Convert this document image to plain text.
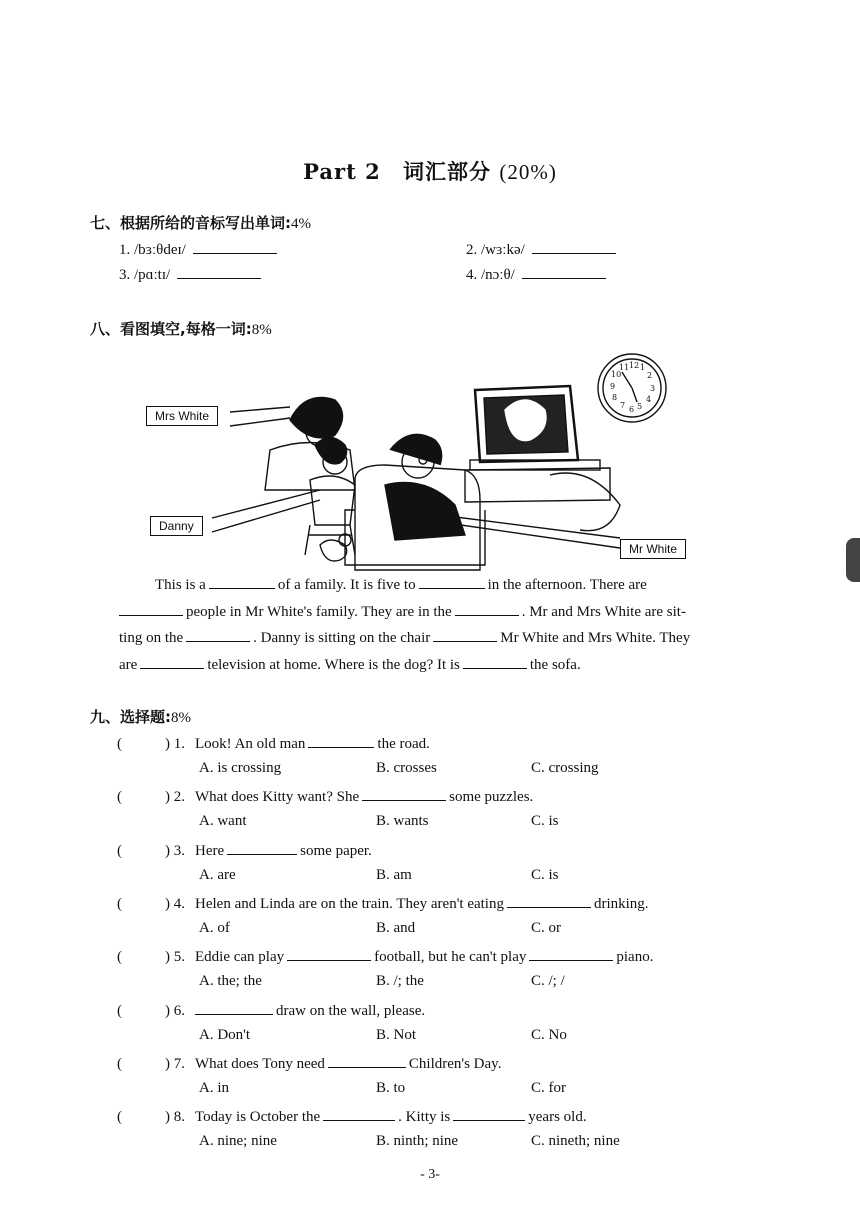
Part 2 词汇部分 (20%)
七、根据所给的音标写出单词:4%
1. /bɜːθdeɪ/	2. /wɜːkə/
3. /pɑːtɪ/	4. /nɔːθ/
八、看图填空,每格一词:8%
12 1
2
3
4
5
6
7
8
9
10
11
Mrs White
Danny
Mr White
This is a	of a family. It is five to	in the afternoon. There are
people in Mr White's family. They are in the	. Mr and Mrs White are sit-
ting on the	. Danny is sitting on the chair	Mr White and Mrs White. They
are	television at home. Where is the dog? It is	the sofa.
九、选择题:8%
(	) 1. Look! An old man	the road.
A. is crossing	B. crosses	C. crossing
(	) 2. What does Kitty want? She	some puzzles.
A. want	B. wants	C. is
(	) 3. Here	some paper.
A. are	B. am	C. is
(	) 4. Helen and Linda are on the train. They aren't eating	drinking.
A. of	B. and	C. or
(	) 5. Eddie can play	football, but he can't play	piano.
A. the; the	B. /; the	C. /; /
(	) 6.	draw on the wall, please.
A. Don't	B. Not	C. No
(	) 7. What does Tony need	Children's Day.
A. in	B. to	C. for
(	) 8. Today is October the	. Kitty is	years old.
A. nine; nine	B. ninth; nine	C. nineth; nine
- 3-
